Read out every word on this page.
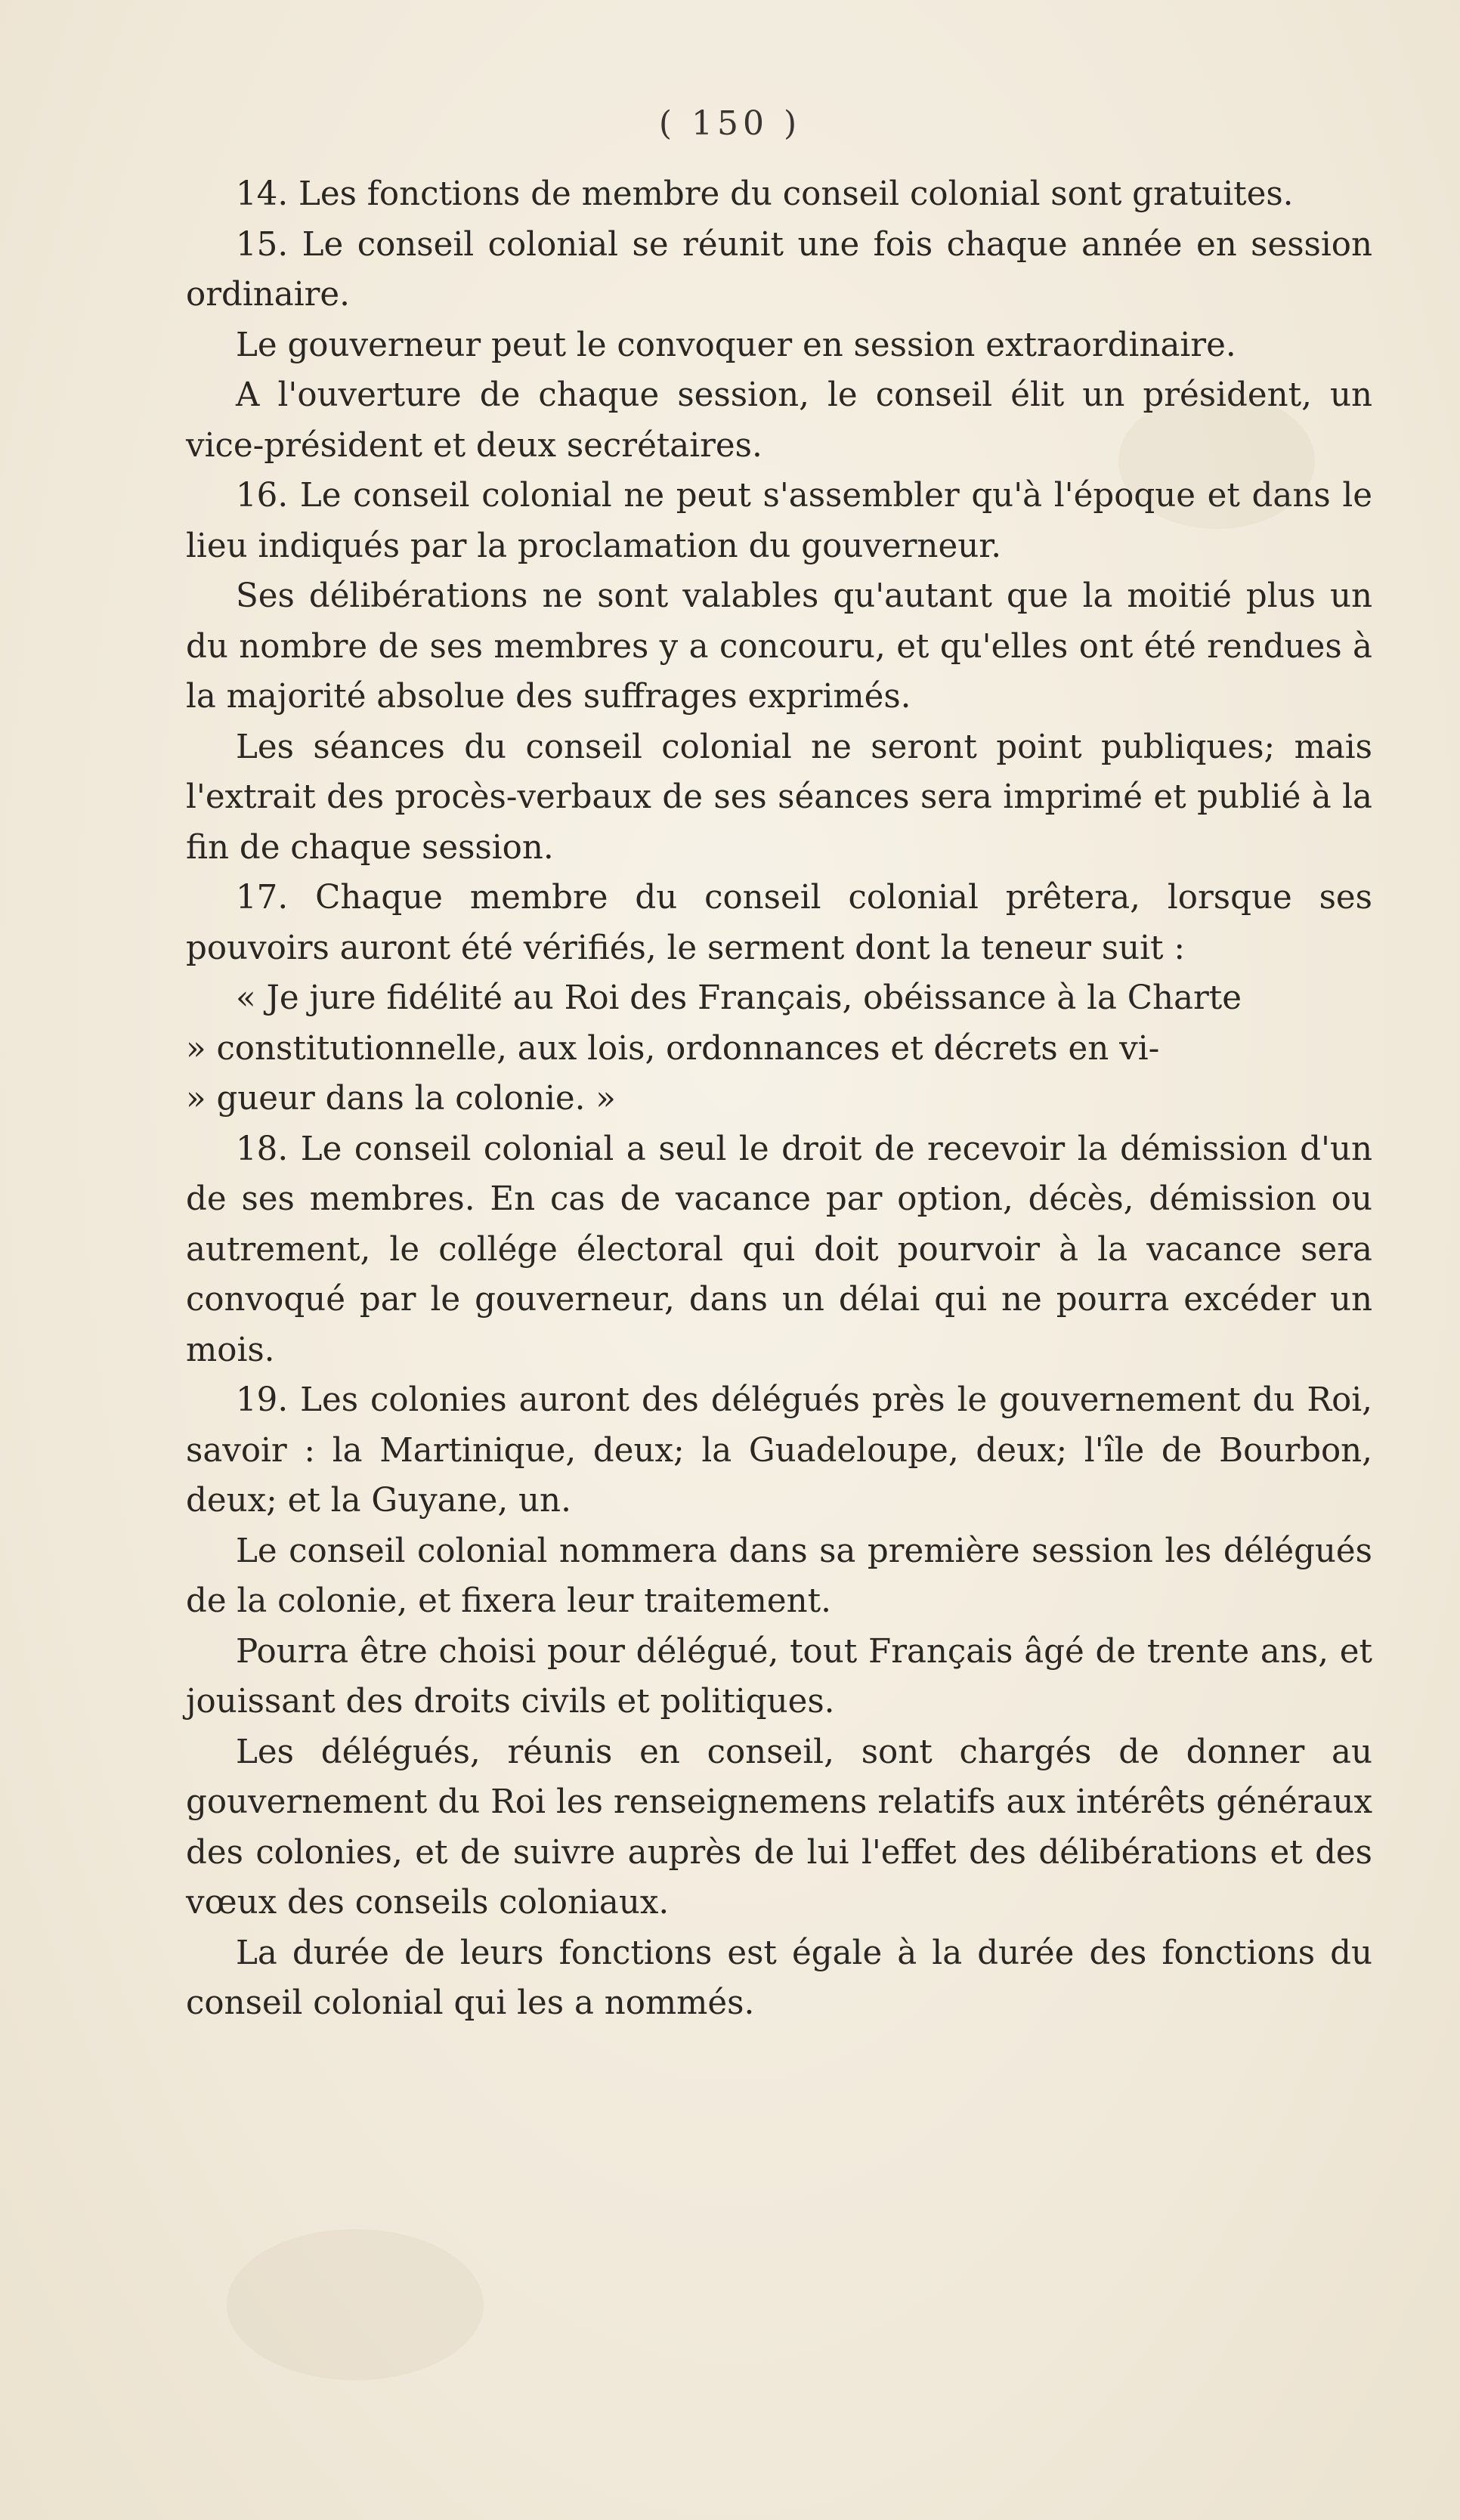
( 150 )

14. Les fonctions de membre du conseil colonial sont gratuites.

15. Le conseil colonial se réunit une fois chaque année en session ordinaire.

Le gouverneur peut le convoquer en session extraordinaire.

A l'ouverture de chaque session, le conseil élit un président, un vice-président et deux secrétaires.

16. Le conseil colonial ne peut s'assembler qu'à l'époque et dans le lieu indiqués par la proclamation du gouverneur.

Ses délibérations ne sont valables qu'autant que la moitié plus un du nombre de ses membres y a concouru, et qu'elles ont été rendues à la majorité absolue des suffrages exprimés.

Les séances du conseil colonial ne seront point publiques; mais l'extrait des procès-verbaux de ses séances sera imprimé et publié à la fin de chaque session.

17. Chaque membre du conseil colonial prêtera, lorsque ses pouvoirs auront été vérifiés, le serment dont la teneur suit :

« Je jure fidélité au Roi des Français, obéissance à la Charte

» constitutionnelle, aux lois, ordonnances et décrets en vi-

» gueur dans la colonie. »

18. Le conseil colonial a seul le droit de recevoir la démission d'un de ses membres. En cas de vacance par option, décès, démission ou autrement, le collége électoral qui doit pourvoir à la vacance sera convoqué par le gouverneur, dans un délai qui ne pourra excéder un mois.

19. Les colonies auront des délégués près le gouvernement du Roi, savoir : la Martinique, deux; la Guadeloupe, deux; l'île de Bourbon, deux; et la Guyane, un.

Le conseil colonial nommera dans sa première session les délégués de la colonie, et fixera leur traitement.

Pourra être choisi pour délégué, tout Français âgé de trente ans, et jouissant des droits civils et politiques.

Les délégués, réunis en conseil, sont chargés de donner au gouvernement du Roi les renseignemens relatifs aux intérêts généraux des colonies, et de suivre auprès de lui l'effet des délibérations et des vœux des conseils coloniaux.

La durée de leurs fonctions est égale à la durée des fonctions du conseil colonial qui les a nommés.
